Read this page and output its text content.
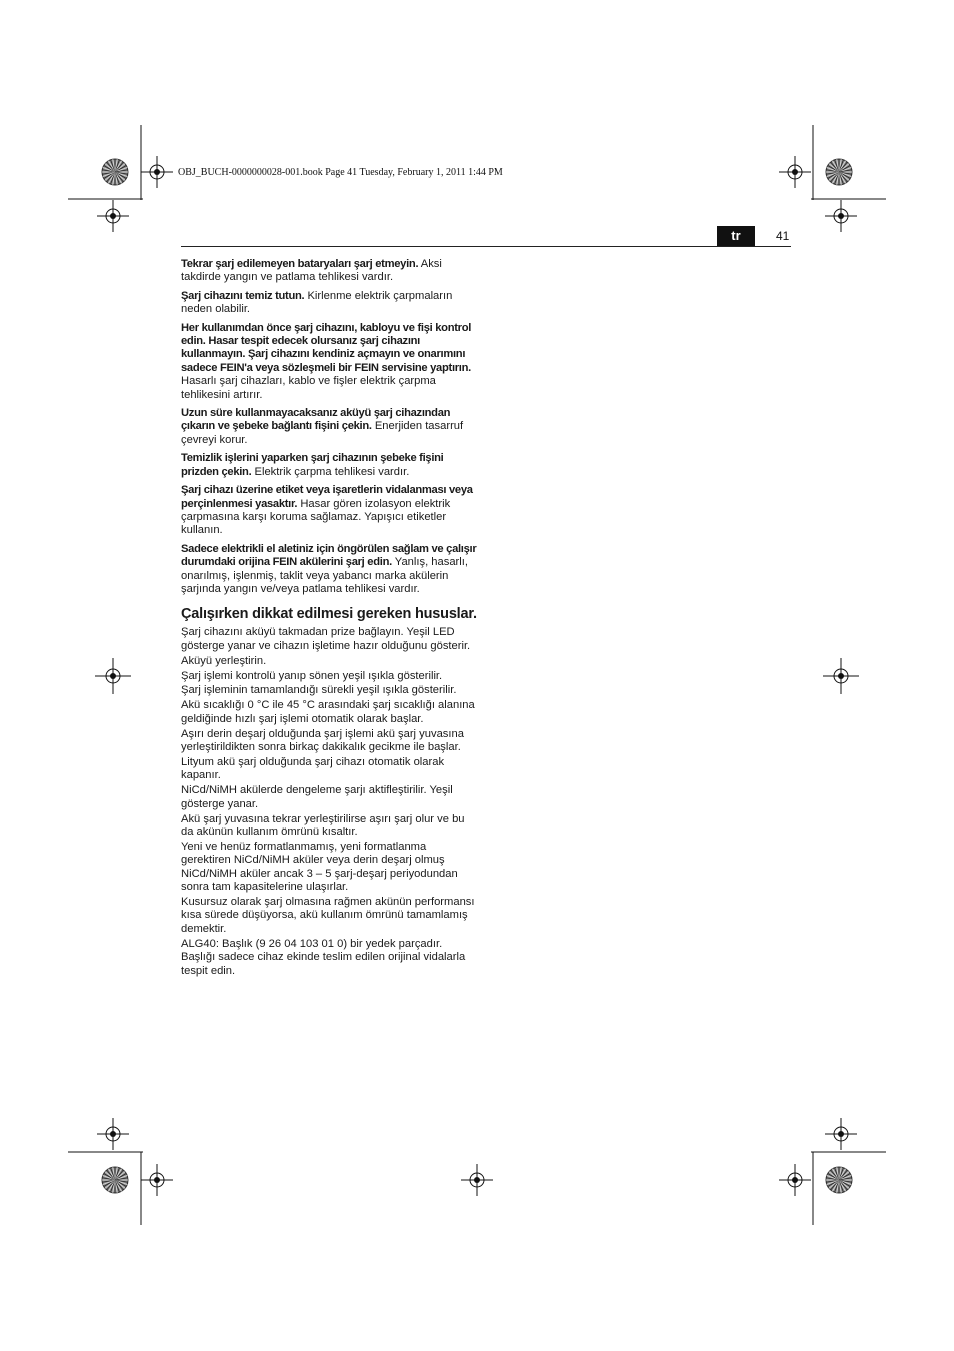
OBJ_BUCH-0000000028-001.book Page 41 Tuesday, February 1, 2011 1:44 PM
tr	41

Tekrar şarj edilemeyen bataryaları şarj etmeyin. Aksi takdirde yangın ve patlama tehlikesi vardır.

Şarj cihazını temiz tutun. Kirlenme elektrik çarpmaların neden olabilir.

Her kullanımdan önce şarj cihazını, kabloyu ve fişi kontrol edin. Hasar tespit edecek olursanız şarj cihazını kullanmayın. Şarj cihazını kendiniz açmayın ve onarımını sadece FEIN'a veya sözleşmeli bir FEIN servisine yaptırın. Hasarlı şarj cihazları, kablo ve fişler elektrik çarpma tehlikesini artırır.

Uzun süre kullanmayacaksanız aküyü şarj cihazından çıkarın ve şebeke bağlantı fişini çekin. Enerjiden tasarruf çevreyi korur.

Temizlik işlerini yaparken şarj cihazının şebeke fişini prizden çekin. Elektrik çarpma tehlikesi vardır.

Şarj cihazı üzerine etiket veya işaretlerin vidalanması veya perçinlenmesi yasaktır. Hasar gören izolasyon elektrik çarpmasına karşı koruma sağlamaz. Yapışıcı etiketler kullanın.

Sadece elektrikli el aletiniz için öngörülen sağlam ve çalışır durumdaki orijina FEIN akülerini şarj edin. Yanlış, hasarlı, onarılmış, işlenmiş, taklit veya yabancı marka akülerin şarjında yangın ve/veya patlama tehlikesi vardır.

Çalışırken dikkat edilmesi gereken hususlar.

Şarj cihazını aküyü takmadan prize bağlayın. Yeşil LED gösterge yanar ve cihazın işletime hazır olduğunu gösterir.

Aküyü yerleştirin.

Şarj işlemi kontrolü yanıp sönen yeşil ışıkla gösterilir.

Şarj işleminin tamamlandığı sürekli yeşil ışıkla gösterilir.

Akü sıcaklığı 0 °C ile 45 °C arasındaki şarj sıcaklığı alanına geldiğinde hızlı şarj işlemi otomatik olarak başlar.

Aşırı derin deşarj olduğunda şarj işlemi akü şarj yuvasına yerleştirildikten sonra birkaç dakikalık gecikme ile başlar.

Lityum akü şarj olduğunda şarj cihazı otomatik olarak kapanır.

NiCd/NiMH akülerde dengeleme şarjı aktifleştirilir. Yeşil gösterge yanar.

Akü şarj yuvasına tekrar yerleştirilirse aşırı şarj olur ve bu da akünün kullanım ömrünü kısaltır.

Yeni ve henüz formatlanmamış, yeni formatlanma gerektiren NiCd/NiMH aküler veya derin deşarj olmuş NiCd/NiMH aküler ancak 3 – 5 şarj-deşarj periyodundan sonra tam kapasitelerine ulaşırlar.

Kusursuz olarak şarj olmasına rağmen akünün performansı kısa sürede düşüyorsa, akü kullanım ömrünü tamamlamış demektir.

ALG40: Başlık (9 26 04 103 01 0) bir yedek parçadır. Başlığı sadece cihaz ekinde teslim edilen orijinal vidalarla tespit edin.
